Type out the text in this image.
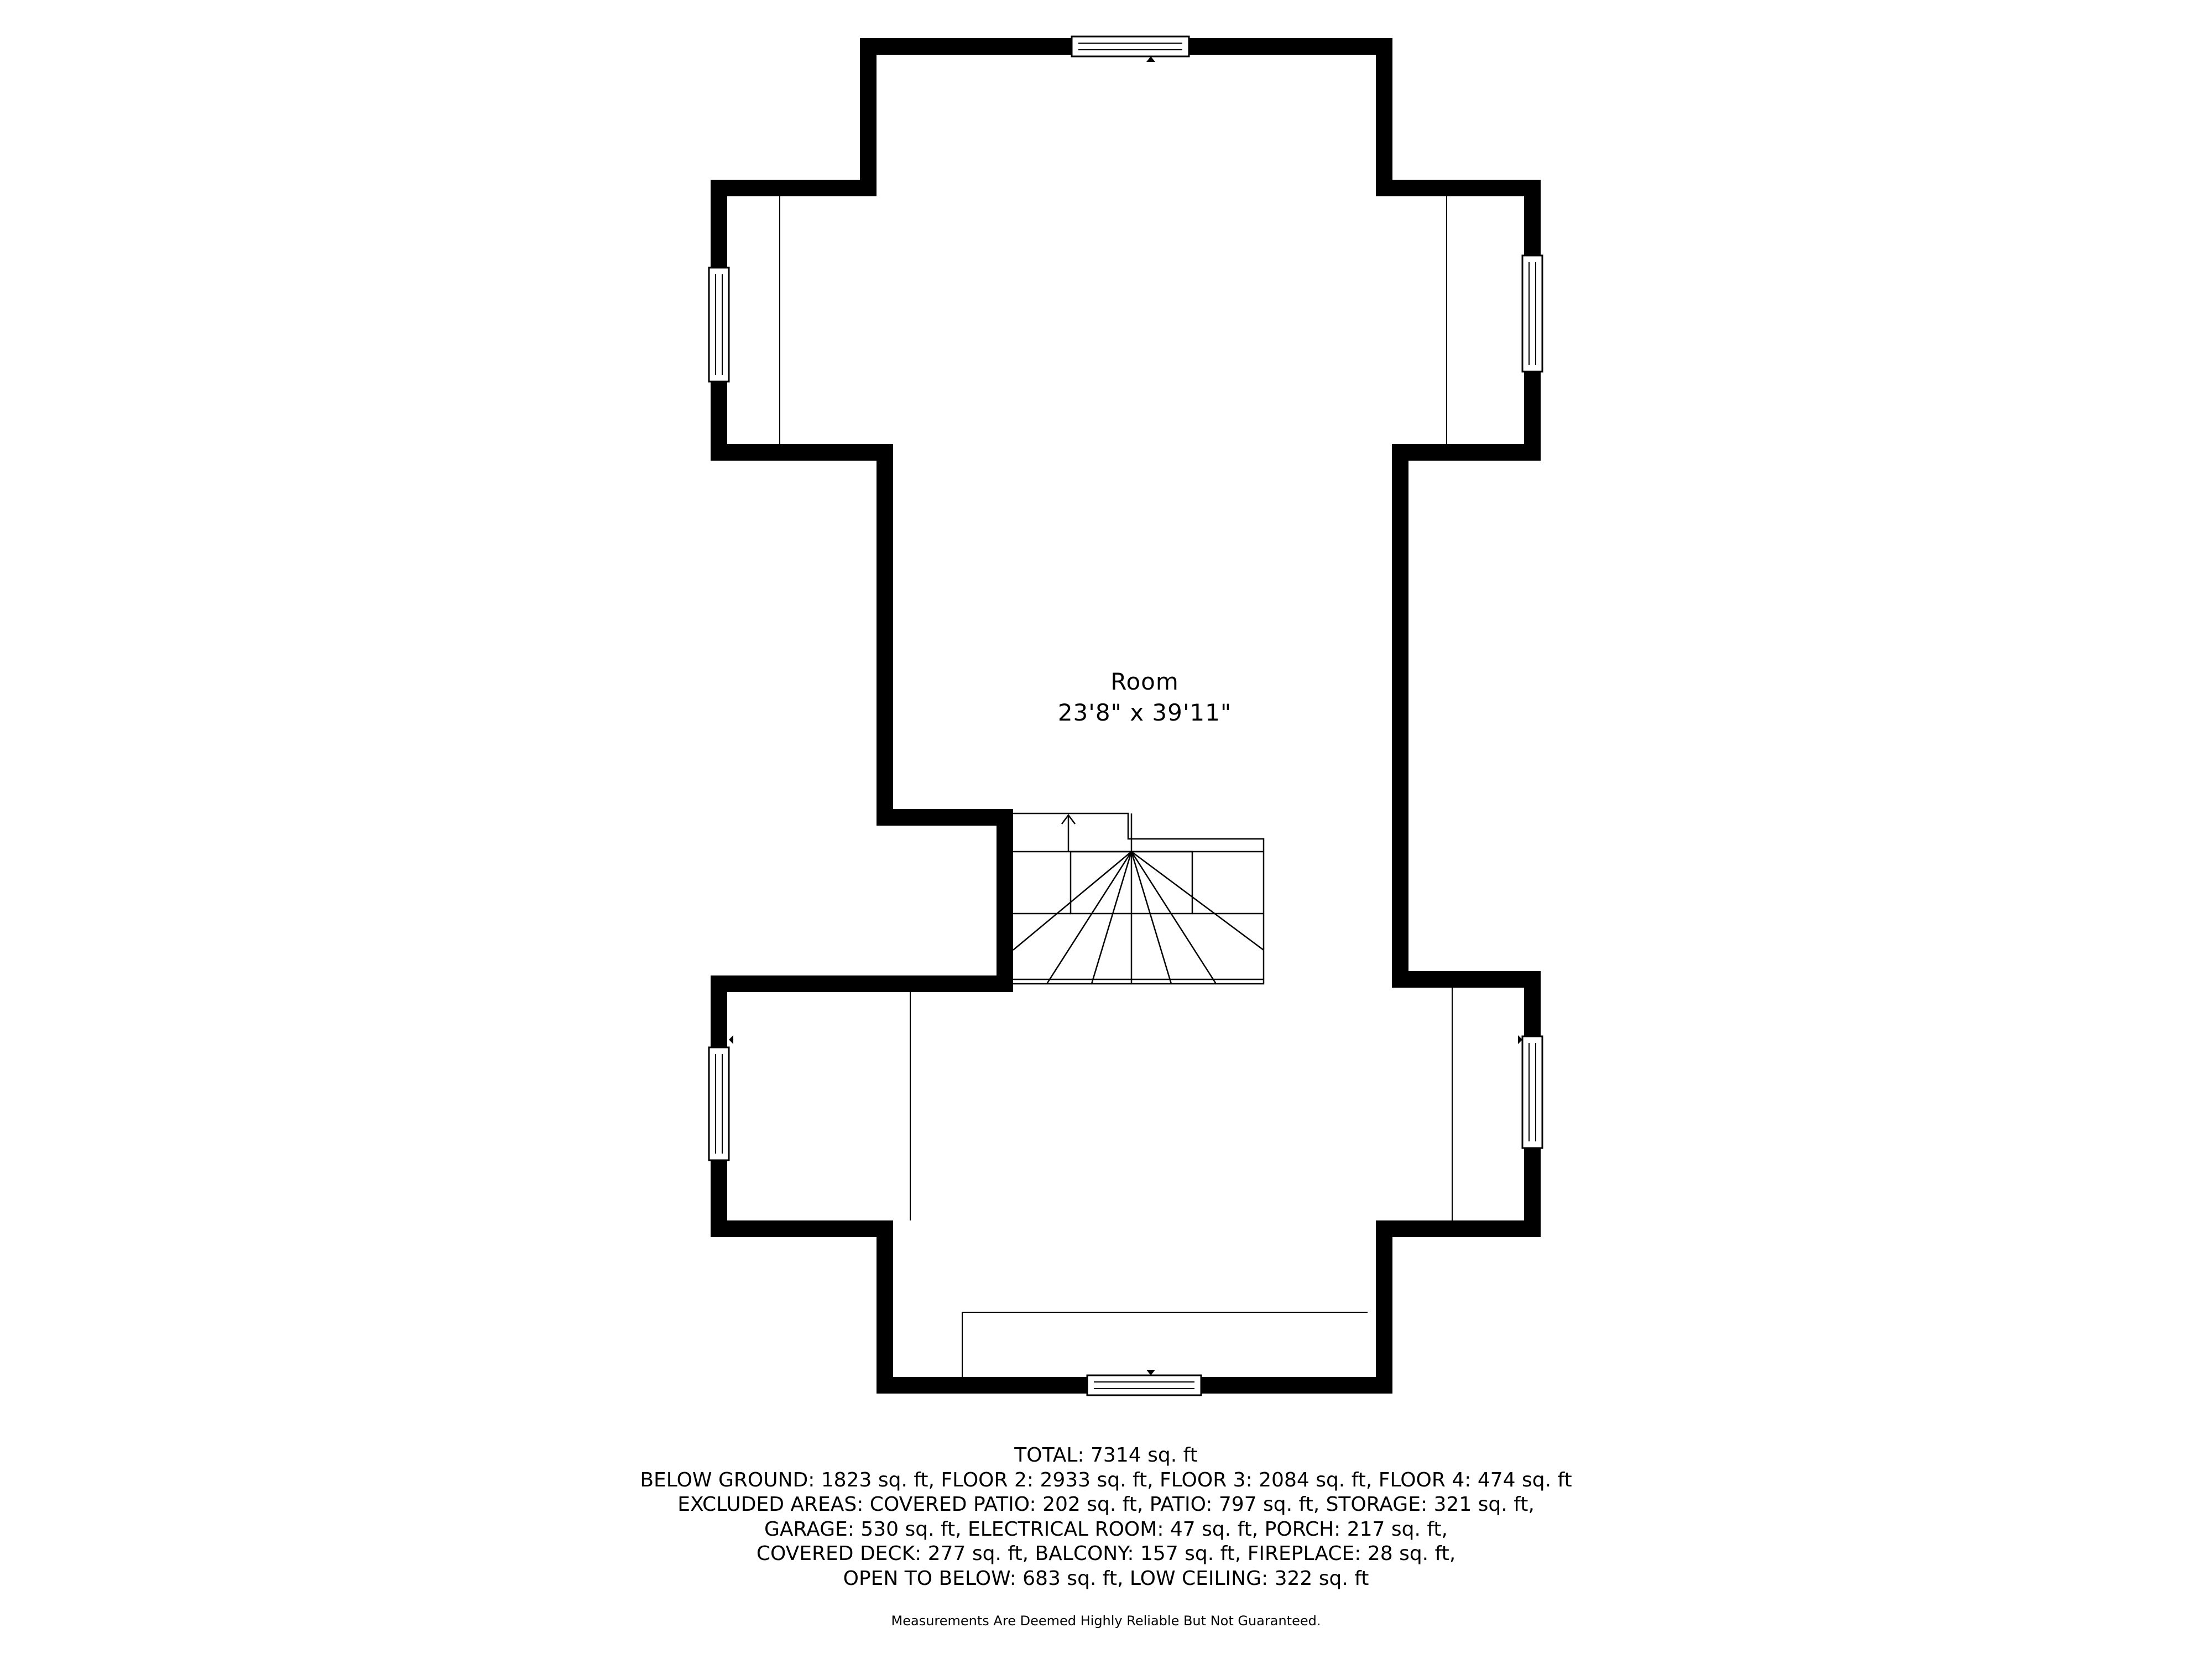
Room
23'8" x 39'11"
TOTAL: 7314 sq. ft
BELOW GROUND: 1823 sq. ft, FLOOR 2: 2933 sq. ft, FLOOR 3: 2084 sq. ft, FLOOR 4: 474 sq. ft
EXCLUDED AREAS: COVERED PATIO: 202 sq. ft, PATIO: 797 sq. ft, STORAGE: 321 sq. ft,
GARAGE: 530 sq. ft, ELECTRICAL ROOM: 47 sq. ft, PORCH: 217 sq. ft,
COVERED DECK: 277 sq. ft, BALCONY: 157 sq. ft, FIREPLACE: 28 sq. ft,
OPEN TO BELOW: 683 sq. ft, LOW CEILING: 322 sq. ft
Measurements Are Deemed Highly Reliable But Not Guaranteed.
